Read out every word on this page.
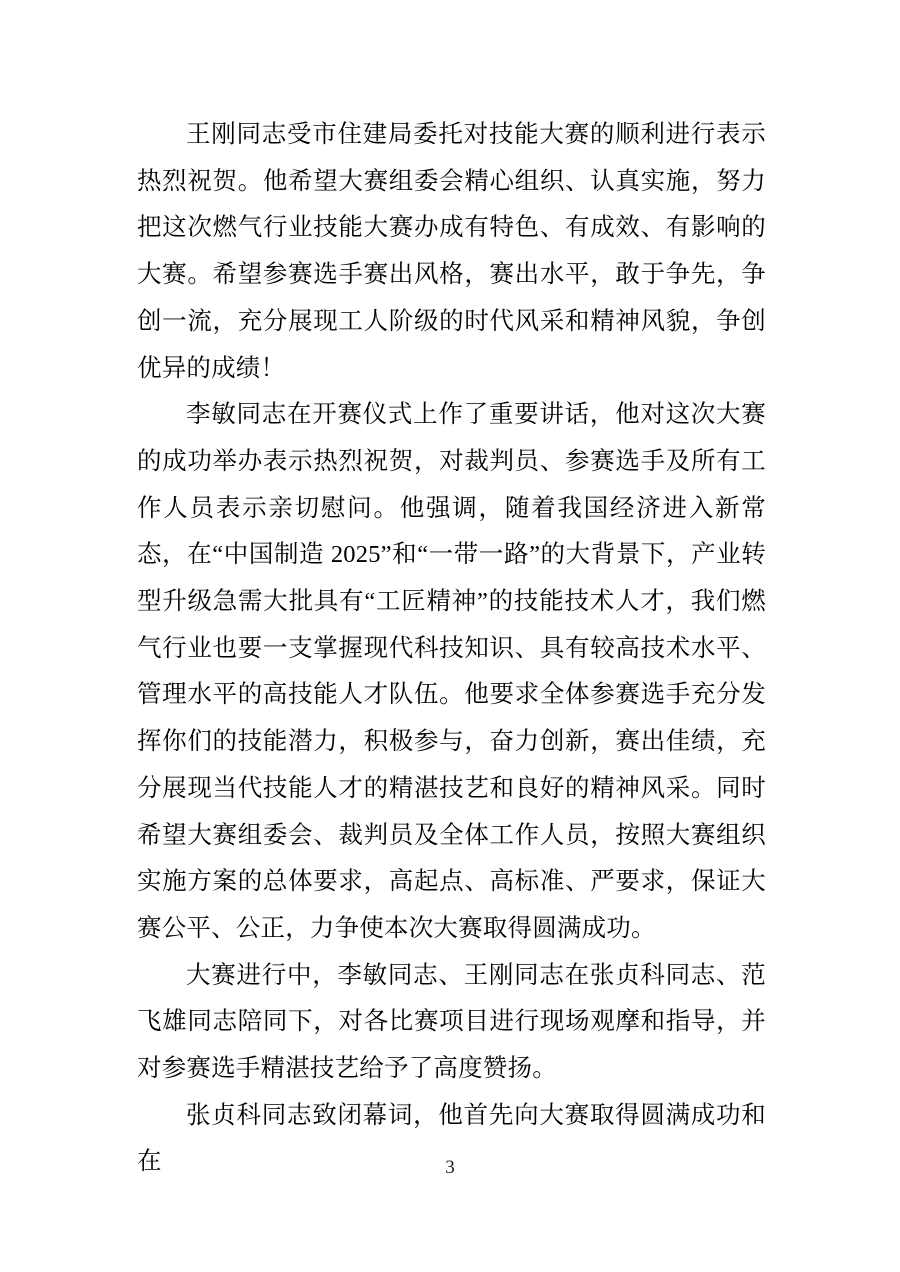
王刚同志受市住建局委托对技能大赛的顺利进行表示热烈祝贺。他希望大赛组委会精心组织、认真实施，努力把这次燃气行业技能大赛办成有特色、有成效、有影响的大赛。希望参赛选手赛出风格，赛出水平，敢于争先，争创一流，充分展现工人阶级的时代风采和精神风貌，争创优异的成绩！

李敏同志在开赛仪式上作了重要讲话，他对这次大赛的成功举办表示热烈祝贺，对裁判员、参赛选手及所有工作人员表示亲切慰问。他强调，随着我国经济进入新常态，在“中国制造 2025”和“一带一路”的大背景下，产业转型升级急需大批具有“工匠精神”的技能技术人才，我们燃气行业也要一支掌握现代科技知识、具有较高技术水平、管理水平的高技能人才队伍。他要求全体参赛选手充分发挥你们的技能潜力，积极参与，奋力创新，赛出佳绩，充分展现当代技能人才的精湛技艺和良好的精神风采。同时希望大赛组委会、裁判员及全体工作人员，按照大赛组织实施方案的总体要求，高起点、高标准、严要求，保证大赛公平、公正，力争使本次大赛取得圆满成功。

大赛进行中，李敏同志、王刚同志在张贞科同志、范飞雄同志陪同下，对各比赛项目进行现场观摩和指导，并对参赛选手精湛技艺给予了高度赞扬。

张贞科同志致闭幕词，他首先向大赛取得圆满成功和在	3
